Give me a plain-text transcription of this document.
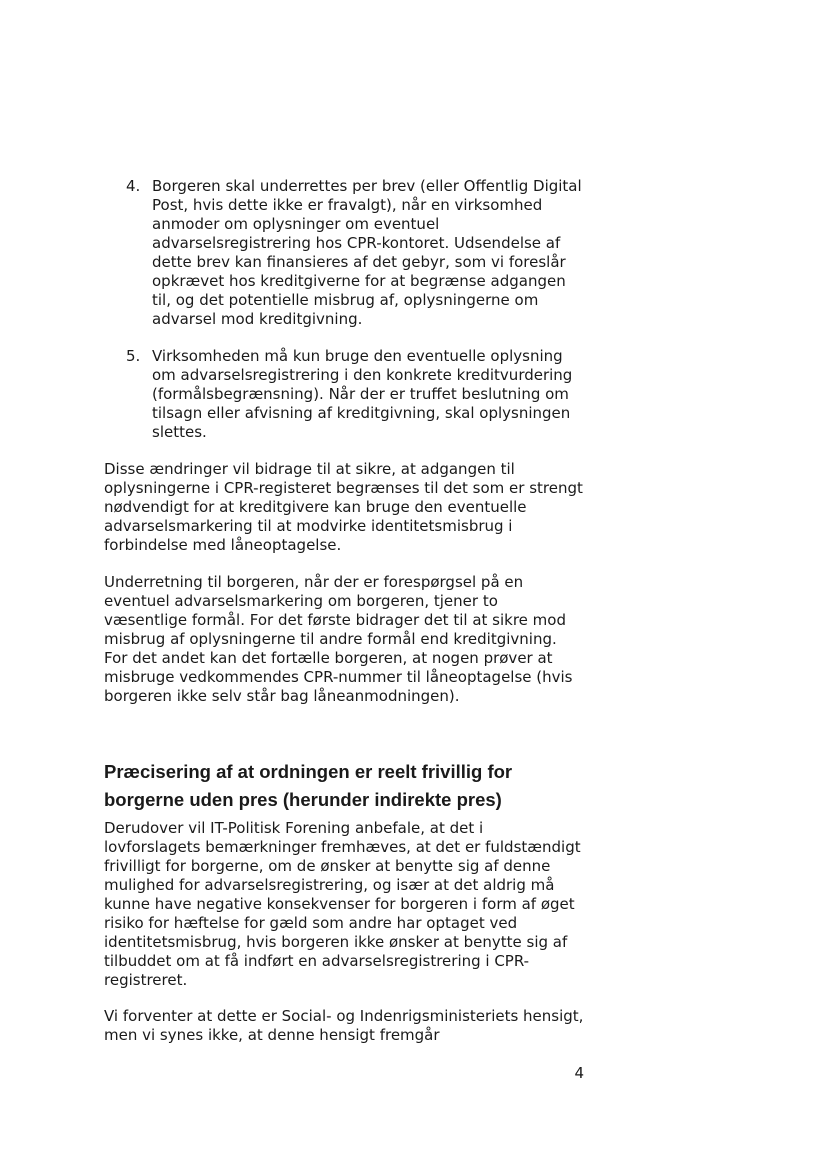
4. Borgeren skal underrettes per brev (eller Offentlig Digital Post, hvis dette ikke er fravalgt), når en virksomhed anmoder om oplysninger om eventuel advarselsregistrering hos CPR-kontoret. Udsendelse af dette brev kan finansieres af det gebyr, som vi foreslår opkrævet hos kreditgiverne for at begrænse adgangen til, og det potentielle misbrug af, oplysningerne om advarsel mod kreditgivning.
5. Virksomheden må kun bruge den eventuelle oplysning om advarselsregistrering i den konkrete kreditvurdering (formålsbegrænsning). Når der er truffet beslutning om tilsagn eller afvisning af kreditgivning, skal oplysningen slettes.

Disse ændringer vil bidrage til at sikre, at adgangen til oplysningerne i CPR-registeret begrænses til det som er strengt nødvendigt for at kreditgivere kan bruge den eventuelle advarselsmarkering til at modvirke identitetsmisbrug i forbindelse med låneoptagelse.

Underretning til borgeren, når der er forespørgsel på en eventuel advarselsmarkering om borgeren, tjener to væsentlige formål. For det første bidrager det til at sikre mod misbrug af oplysningerne til andre formål end kreditgivning. For det andet kan det fortælle borgeren, at nogen prøver at misbruge vedkommendes CPR-nummer til låneoptagelse (hvis borgeren ikke selv står bag låneanmodningen).

Præcisering af at ordningen er reelt frivillig for borgerne uden pres (herunder indirekte pres)

Derudover vil IT-Politisk Forening anbefale, at det i lovforslagets bemærkninger fremhæves, at det er fuldstændigt frivilligt for borgerne, om de ønsker at benytte sig af denne mulighed for advarselsregistrering, og især at det aldrig må kunne have negative konsekvenser for borgeren i form af øget risiko for hæftelse for gæld som andre har optaget ved identitetsmisbrug, hvis borgeren ikke ønsker at benytte sig af tilbuddet om at få indført en advarselsregistrering i CPR-registreret.

Vi forventer at dette er Social- og Indenrigsministeriets hensigt, men vi synes ikke, at denne hensigt fremgår

4
